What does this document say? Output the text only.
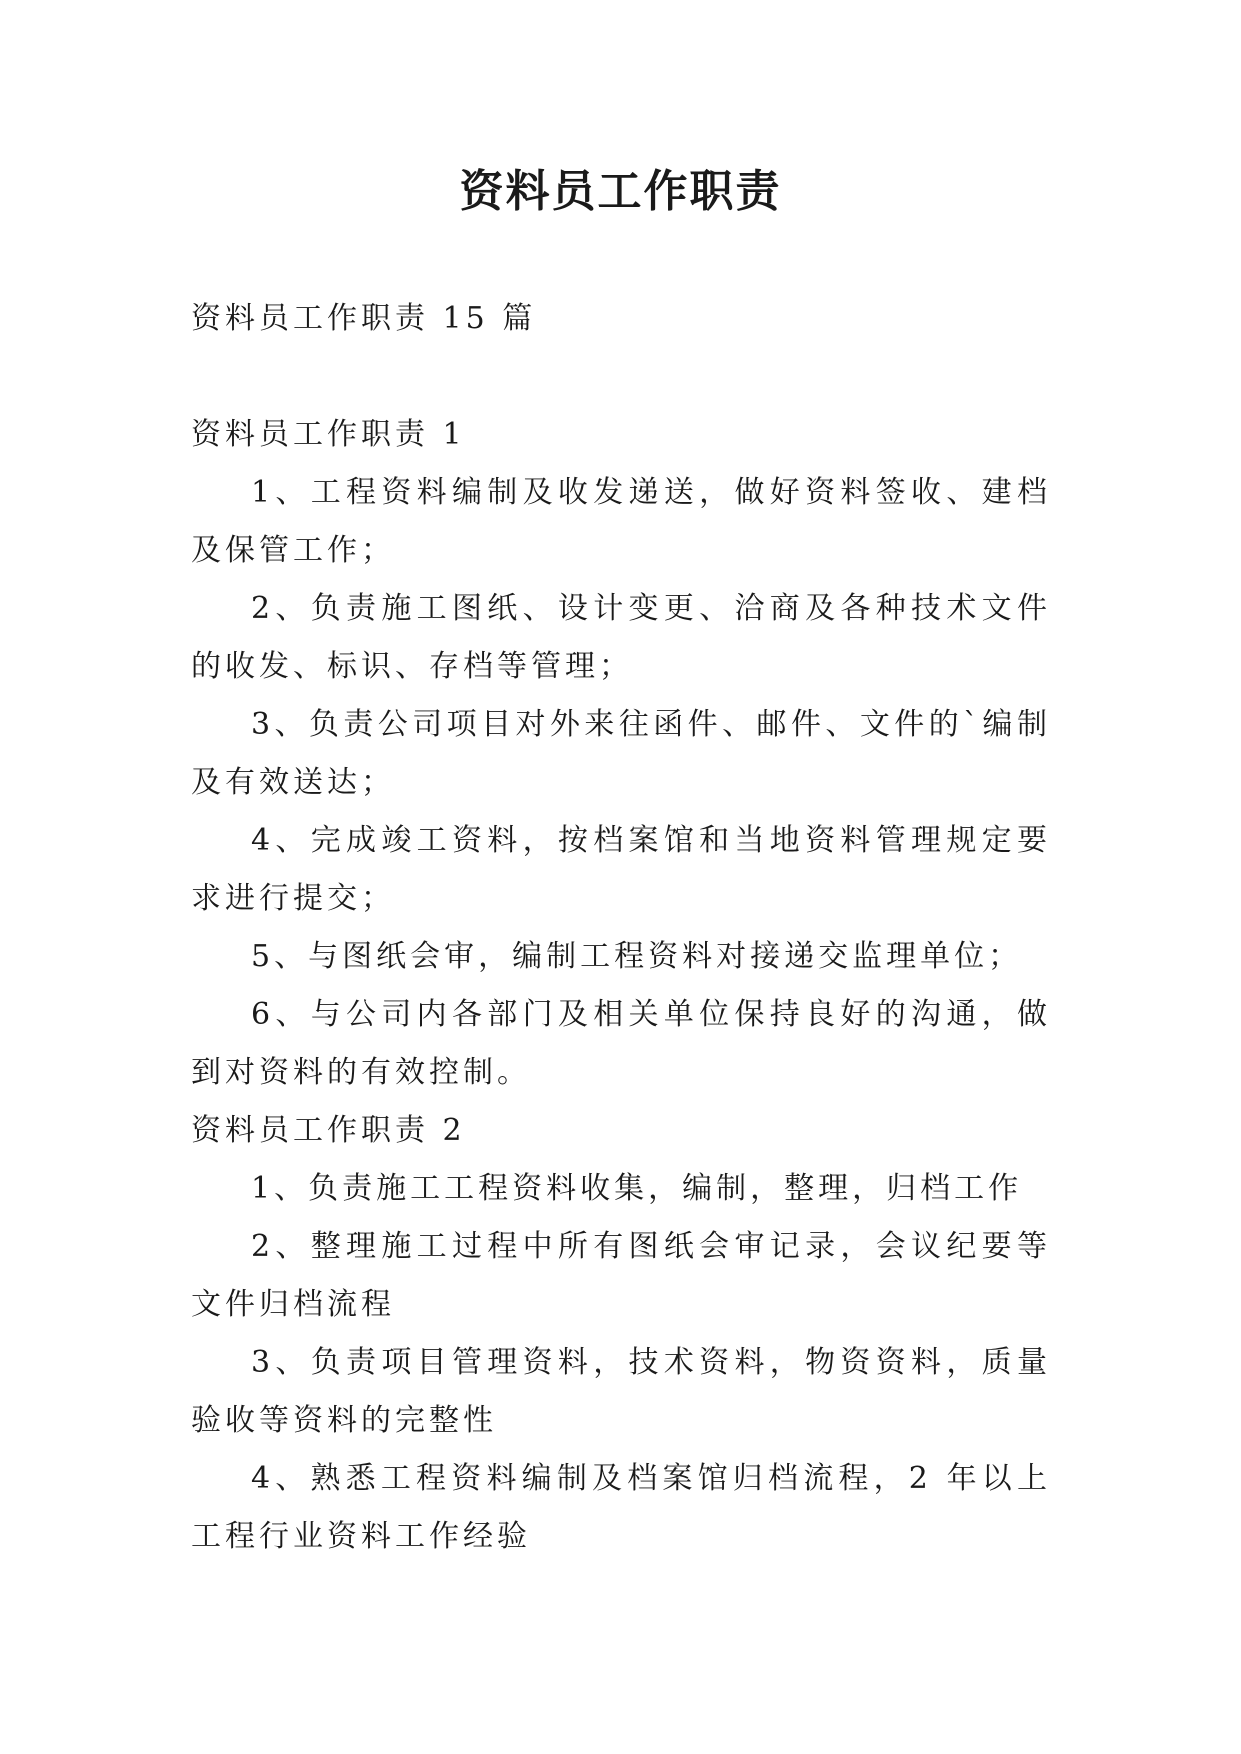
资料员工作职责

资料员工作职责 15 篇

资料员工作职责 1

1、工程资料编制及收发递送，做好资料签收、建档及保管工作；

2、负责施工图纸、设计变更、洽商及各种技术文件的收发、标识、存档等管理；

3、负责公司项目对外来往函件、邮件、文件的`编制及有效送达；

4、完成竣工资料，按档案馆和当地资料管理规定要求进行提交；

5、与图纸会审，编制工程资料对接递交监理单位；

6、与公司内各部门及相关单位保持良好的沟通，做到对资料的有效控制。

资料员工作职责 2

1、负责施工工程资料收集，编制，整理，归档工作

2、整理施工过程中所有图纸会审记录，会议纪要等文件归档流程

3、负责项目管理资料，技术资料，物资资料，质量验收等资料的完整性

4、熟悉工程资料编制及档案馆归档流程，2 年以上工程行业资料工作经验
